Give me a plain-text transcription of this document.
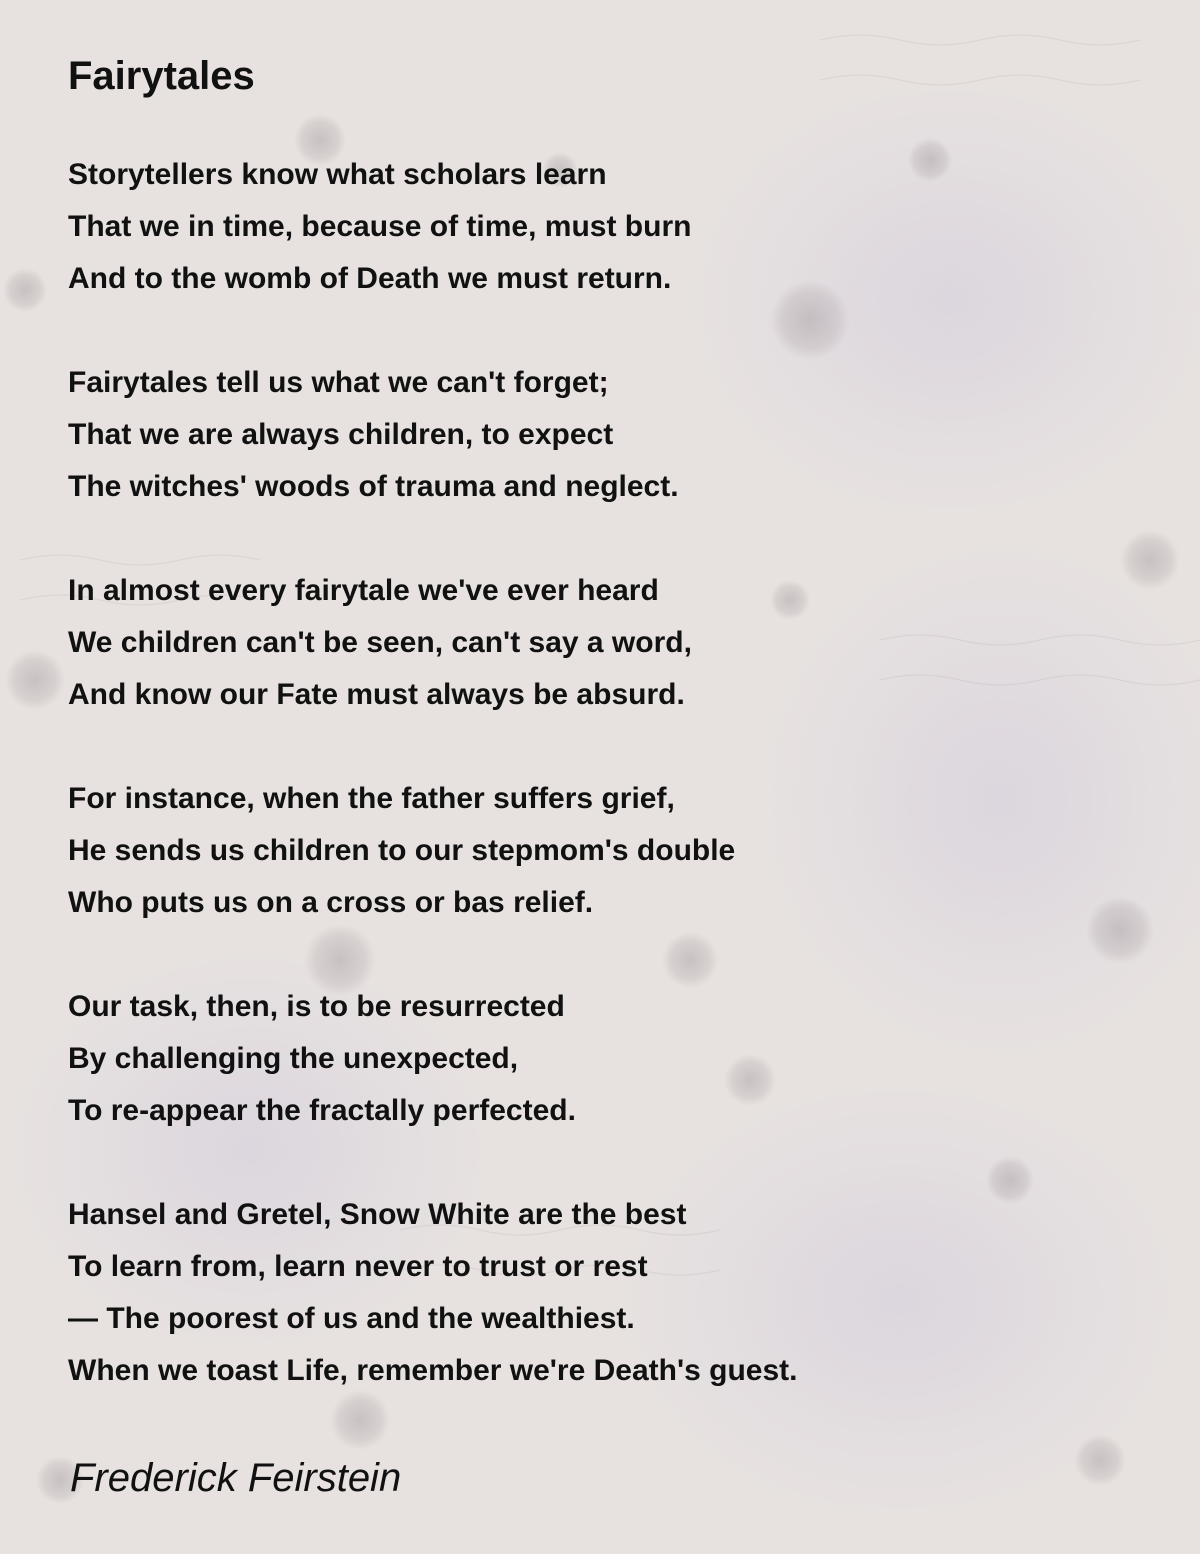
Fairytales
Storytellers know what scholars learn
That we in time, because of time, must burn
And to the womb of Death we must return.
Fairytales tell us what we can't forget;
That we are always children, to expect
The witches' woods of trauma and neglect.
In almost every fairytale we've ever heard
We children can't be seen, can't say a word,
And know our Fate must always be absurd.
For instance, when the father suffers grief,
He sends us children to our stepmom's double
Who puts us on a cross or bas relief.
Our task, then, is to be resurrected
By challenging the unexpected,
To re-appear the fractally perfected.
Hansel and Gretel, Snow White are the best
To learn from, learn never to trust or rest
— The poorest of us and the wealthiest.
When we toast Life, remember we're Death's guest.

Frederick Feirstein
